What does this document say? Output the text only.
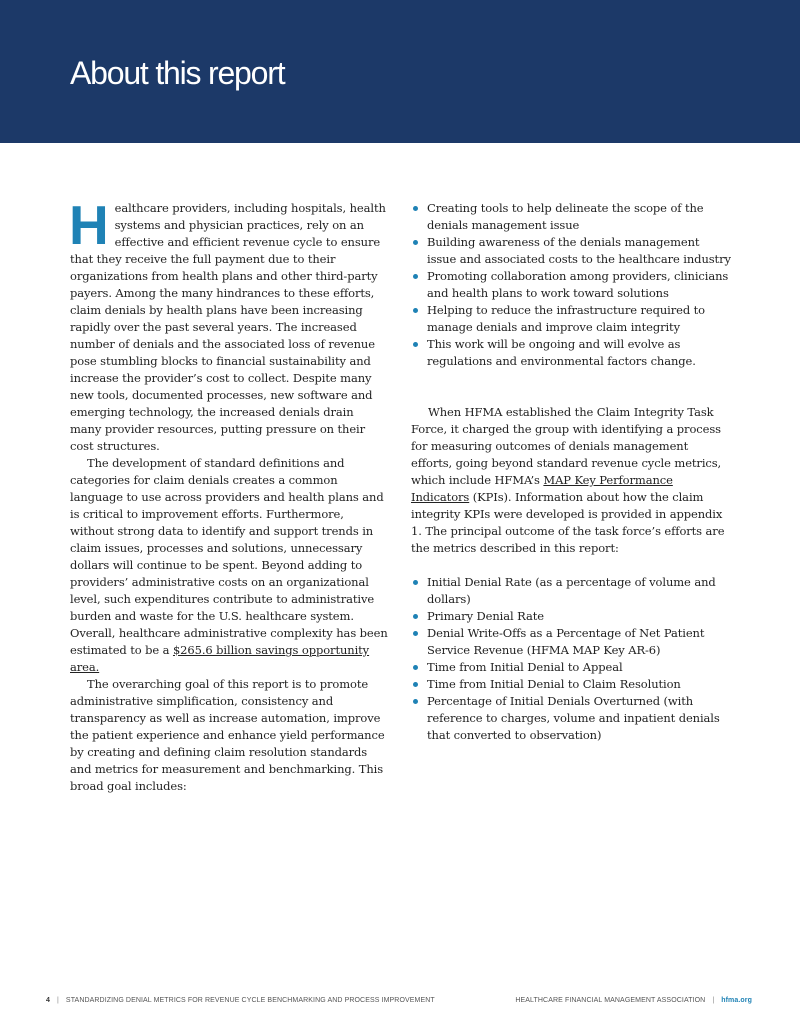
About this report

Healthcare providers, including hospitals, health systems and physician practices, rely on an effective and efficient revenue cycle to ensure that they receive the full payment due to their organizations from health plans and other third-party payers. Among the many hindrances to these efforts, claim denials by health plans have been increasing rapidly over the past several years. The increased number of denials and the associated loss of revenue pose stumbling blocks to financial sustainability and increase the provider’s cost to collect. Despite many new tools, documented processes, new software and emerging technology, the increased denials drain many provider resources, putting pressure on their cost structures.

The development of standard definitions and categories for claim denials creates a common language to use across providers and health plans and is critical to improvement efforts. Furthermore, without strong data to identify and support trends in claim issues, processes and solutions, unnecessary dollars will continue to be spent. Beyond adding to providers’ administrative costs on an organizational level, such expenditures contribute to administrative burden and waste for the U.S. healthcare system. Overall, healthcare administrative complexity has been estimated to be a $265.6 billion savings opportunity area.

The overarching goal of this report is to promote administrative simplification, consistency and transparency as well as increase automation, improve the patient experience and enhance yield performance by creating and defining claim resolution standards and metrics for measurement and benchmarking. This broad goal includes:

Creating tools to help delineate the scope of the denials management issue
Building awareness of the denials management issue and associated costs to the healthcare industry
Promoting collaboration among providers, clinicians and health plans to work toward solutions
Helping to reduce the infrastructure required to manage denials and improve claim integrity
This work will be ongoing and will evolve as regulations and environmental factors change.

When HFMA established the Claim Integrity Task Force, it charged the group with identifying a process for measuring outcomes of denials management efforts, going beyond standard revenue cycle metrics, which include HFMA’s MAP Key Performance Indicators (KPIs). Information about how the claim integrity KPIs were developed is provided in appendix 1. The principal outcome of the task force’s efforts are the metrics described in this report:

Initial Denial Rate (as a percentage of volume and dollars)
Primary Denial Rate
Denial Write-Offs as a Percentage of Net Patient Service Revenue (HFMA MAP Key AR-6)
Time from Initial Denial to Appeal
Time from Initial Denial to Claim Resolution
Percentage of Initial Denials Overturned (with reference to charges, volume and inpatient denials that converted to observation)
4 | STANDARDIZING DENIAL METRICS FOR REVENUE CYCLE BENCHMARKING AND PROCESS IMPROVEMENT	HEALTHCARE FINANCIAL MANAGEMENT ASSOCIATION | hfma.org
